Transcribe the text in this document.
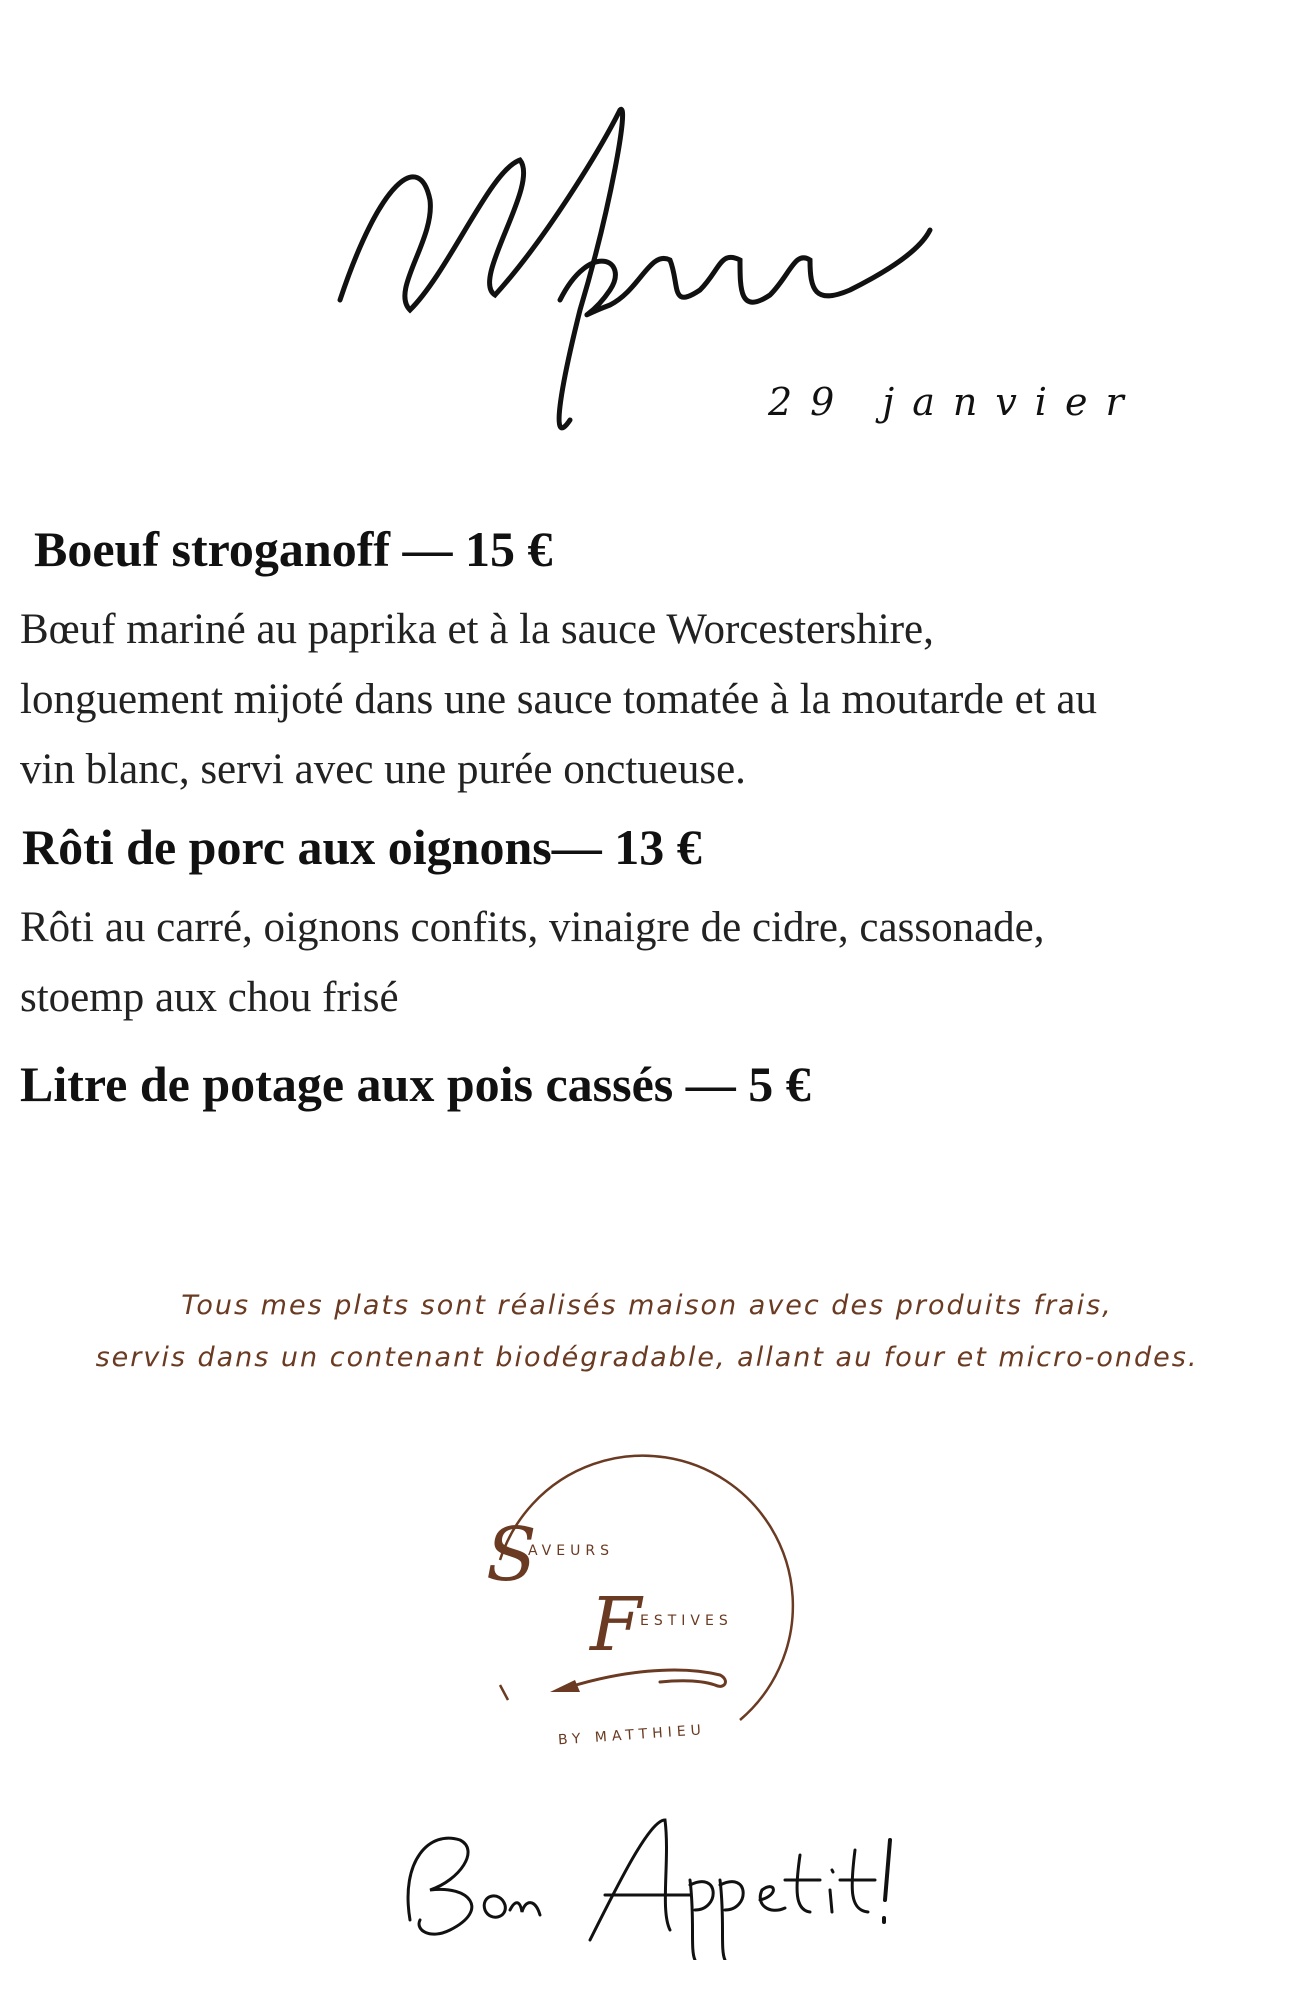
29 janvier
Boeuf stroganoff — 15 €
Bœuf mariné au paprika et à la sauce Worcestershire,
longuement mijoté dans une sauce tomatée à la moutarde et au
vin blanc, servi avec une purée onctueuse.
Rôti de porc aux oignons— 13 €
Rôti au carré, oignons confits, vinaigre de cidre, cassonade,
stoemp aux chou frisé
Litre de potage aux pois cassés — 5 €
Tous mes plats sont réalisés maison avec des produits frais,
servis dans un contenant biodégradable, allant au four et micro-ondes.
S
AVEURS
F
ESTIVES
BY MATTHIEU
